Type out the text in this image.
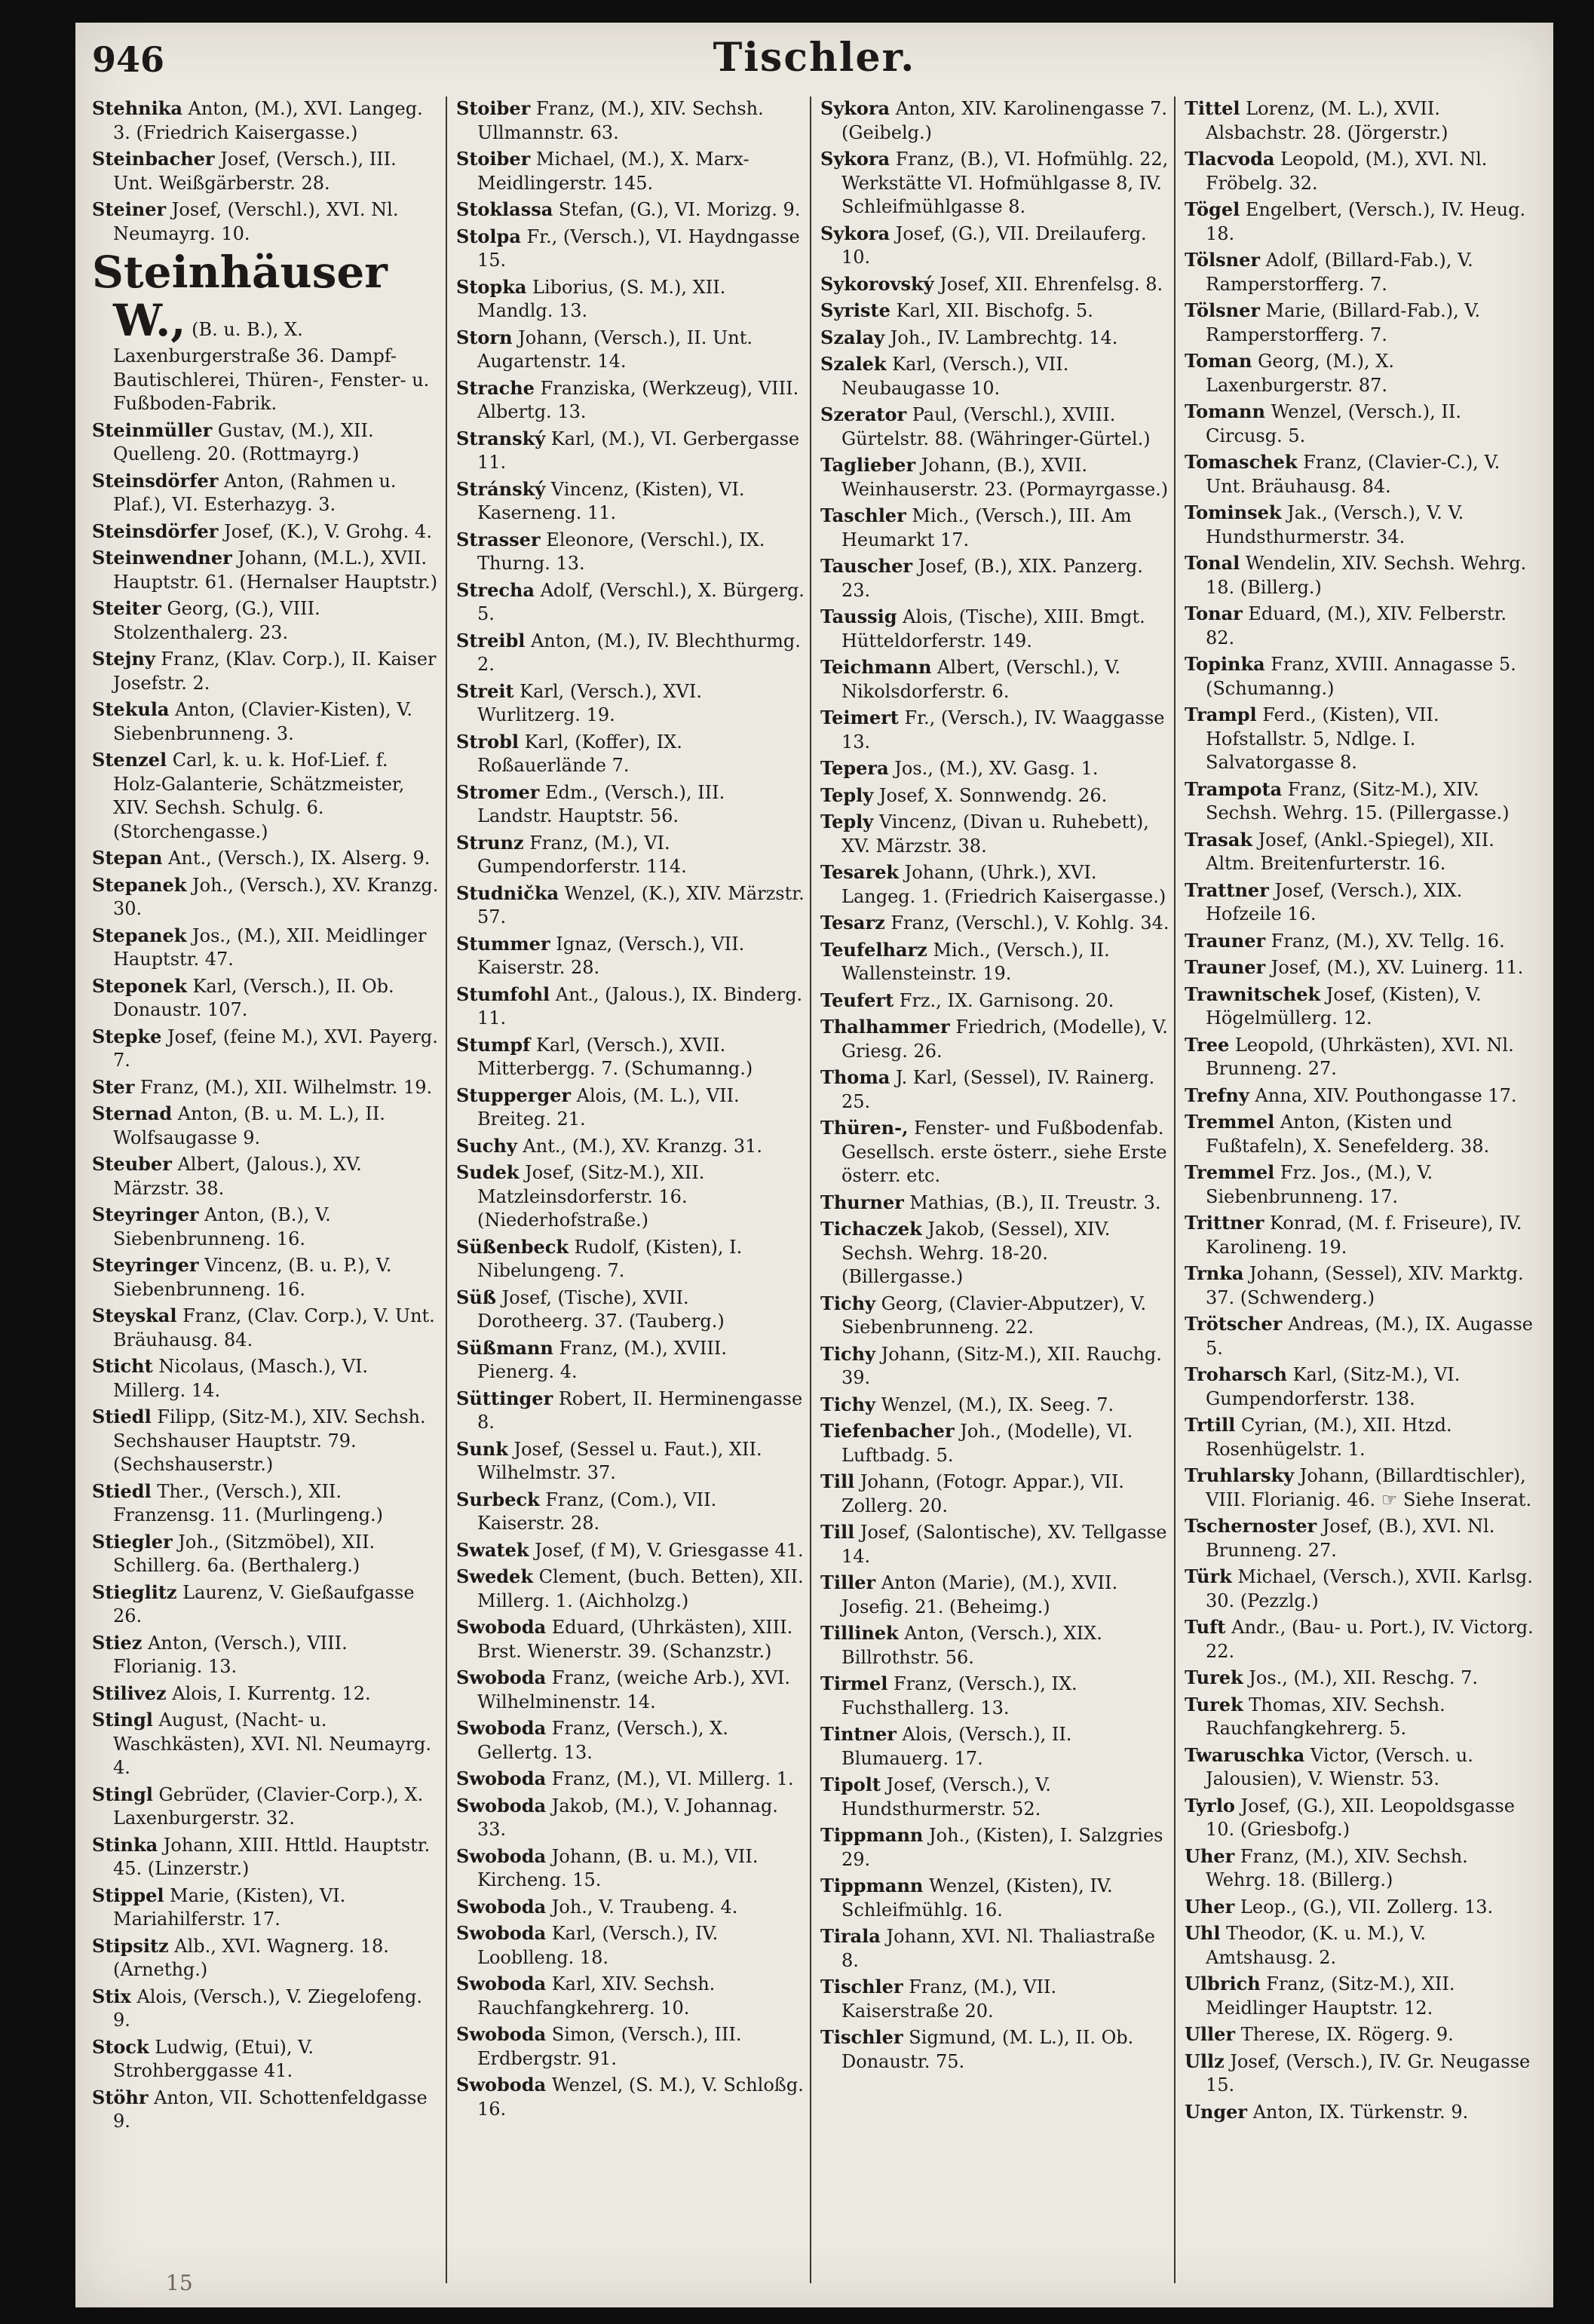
946	Tischler.
Stehnika Anton, (M.), XVI. Langeg. 3. (Friedrich Kaisergasse.)
Steinbacher Josef, (Versch.), III. Unt. Weißgärberstr. 28.
Steiner Josef, (Verschl.), XVI. Nl. Neumayrg. 10.
Steinhäuser W., (B. u. B.), X. Laxenburgerstraße 36. Dampf-Bautischlerei, Thüren-, Fenster- u. Fußboden-Fabrik.
Steinmüller Gustav, (M.), XII. Quelleng. 20. (Rottmayrg.)
Steinsdörfer Anton, (Rahmen u. Plaf.), VI. Esterhazyg. 3.
Steinsdörfer Josef, (K.), V. Grohg. 4.
Steinwendner Johann, (M.L.), XVII. Hauptstr. 61. (Hernalser Hauptstr.)
Steiter Georg, (G.), VIII. Stolzenthalerg. 23.
Stejny Franz, (Klav. Corp.), II. Kaiser Josefstr. 2.
Stekula Anton, (Clavier-Kisten), V. Siebenbrunneng. 3.
Stenzel Carl, k. u. k. Hof-Lief. f. Holz-Galanterie, Schätzmeister, XIV. Sechsh. Schulg. 6. (Storchengasse.)
Stepan Ant., (Versch.), IX. Alserg. 9.
Stepanek Joh., (Versch.), XV. Kranzg. 30.
Stepanek Jos., (M.), XII. Meidlinger Hauptstr. 47.
Steponek Karl, (Versch.), II. Ob. Donaustr. 107.
Stepke Josef, (feine M.), XVI. Payerg. 7.
Ster Franz, (M.), XII. Wilhelmstr. 19.
Sternad Anton, (B. u. M. L.), II. Wolfsaugasse 9.
Steuber Albert, (Jalous.), XV. Märzstr. 38.
Steyringer Anton, (B.), V. Siebenbrunneng. 16.
Steyringer Vincenz, (B. u. P.), V. Siebenbrunneng. 16.
Steyskal Franz, (Clav. Corp.), V. Unt. Bräuhausg. 84.
Sticht Nicolaus, (Masch.), VI. Millerg. 14.
Stiedl Filipp, (Sitz-M.), XIV. Sechsh. Sechshauser Hauptstr. 79. (Sechshauserstr.)
Stiedl Ther., (Versch.), XII. Franzensg. 11. (Murlingeng.)
Stiegler Joh., (Sitzmöbel), XII. Schillerg. 6a. (Berthalerg.)
Stieglitz Laurenz, V. Gießaufgasse 26.
Stiez Anton, (Versch.), VIII. Florianig. 13.
Stilivez Alois, I. Kurrentg. 12.
Stingl August, (Nacht- u. Waschkästen), XVI. Nl. Neumayrg. 4.
Stingl Gebrüder, (Clavier-Corp.), X. Laxenburgerstr. 32.
Stinka Johann, XIII. Httld. Hauptstr. 45. (Linzerstr.)
Stippel Marie, (Kisten), VI. Mariahilferstr. 17.
Stipsitz Alb., XVI. Wagnerg. 18. (Arnethg.)
Stix Alois, (Versch.), V. Ziegelofeng. 9.
Stock Ludwig, (Etui), V. Strohberggasse 41.
Stöhr Anton, VII. Schottenfeldgasse 9.
Stoiber Franz, (M.), XIV. Sechsh. Ullmannstr. 63.
Stoiber Michael, (M.), X. Marx-Meidlingerstr. 145.
Stoklassa Stefan, (G.), VI. Morizg. 9.
Stolpa Fr., (Versch.), VI. Haydngasse 15.
Stopka Liborius, (S. M.), XII. Mandlg. 13.
Storn Johann, (Versch.), II. Unt. Augartenstr. 14.
Strache Franziska, (Werkzeug), VIII. Albertg. 13.
Stranský Karl, (M.), VI. Gerbergasse 11.
Stránský Vincenz, (Kisten), VI. Kaserneng. 11.
Strasser Eleonore, (Verschl.), IX. Thurng. 13.
Strecha Adolf, (Verschl.), X. Bürgerg. 5.
Streibl Anton, (M.), IV. Blechthurmg. 2.
Streit Karl, (Versch.), XVI. Wurlitzerg. 19.
Strobl Karl, (Koffer), IX. Roßauerlände 7.
Stromer Edm., (Versch.), III. Landstr. Hauptstr. 56.
Strunz Franz, (M.), VI. Gumpendorferstr. 114.
Studnička Wenzel, (K.), XIV. Märzstr. 57.
Stummer Ignaz, (Versch.), VII. Kaiserstr. 28.
Stumfohl Ant., (Jalous.), IX. Binderg. 11.
Stumpf Karl, (Versch.), XVII. Mitterbergg. 7. (Schumanng.)
Stupperger Alois, (M. L.), VII. Breiteg. 21.
Suchy Ant., (M.), XV. Kranzg. 31.
Sudek Josef, (Sitz-M.), XII. Matzleinsdorferstr. 16. (Niederhofstraße.)
Süßenbeck Rudolf, (Kisten), I. Nibelungeng. 7.
Süß Josef, (Tische), XVII. Dorotheerg. 37. (Tauberg.)
Süßmann Franz, (M.), XVIII. Pienerg. 4.
Süttinger Robert, II. Herminengasse 8.
Sunk Josef, (Sessel u. Faut.), XII. Wilhelmstr. 37.
Surbeck Franz, (Com.), VII. Kaiserstr. 28.
Swatek Josef, (f M), V. Griesgasse 41.
Swedek Clement, (buch. Betten), XII. Millerg. 1. (Aichholzg.)
Swoboda Eduard, (Uhrkästen), XIII. Brst. Wienerstr. 39. (Schanzstr.)
Swoboda Franz, (weiche Arb.), XVI. Wilhelminenstr. 14.
Swoboda Franz, (Versch.), X. Gellertg. 13.
Swoboda Franz, (M.), VI. Millerg. 1.
Swoboda Jakob, (M.), V. Johannag. 33.
Swoboda Johann, (B. u. M.), VII. Kircheng. 15.
Swoboda Joh., V. Traubeng. 4.
Swoboda Karl, (Versch.), IV. Looblleng. 18.
Swoboda Karl, XIV. Sechsh. Rauchfangkehrerg. 10.
Swoboda Simon, (Versch.), III. Erdbergstr. 91.
Swoboda Wenzel, (S. M.), V. Schloßg. 16.
Sykora Anton, XIV. Karolinengasse 7. (Geibelg.)
Sykora Franz, (B.), VI. Hofmühlg. 22, Werkstätte VI. Hofmühlgasse 8, IV. Schleifmühlgasse 8.
Sykora Josef, (G.), VII. Dreilauferg. 10.
Sykorovský Josef, XII. Ehrenfelsg. 8.
Syriste Karl, XII. Bischofg. 5.
Szalay Joh., IV. Lambrechtg. 14.
Szalek Karl, (Versch.), VII. Neubaugasse 10.
Szerator Paul, (Verschl.), XVIII. Gürtelstr. 88. (Währinger-Gürtel.)
Taglieber Johann, (B.), XVII. Weinhauserstr. 23. (Pormayrgasse.)
Taschler Mich., (Versch.), III. Am Heumarkt 17.
Tauscher Josef, (B.), XIX. Panzerg. 23.
Taussig Alois, (Tische), XIII. Bmgt. Hütteldorferstr. 149.
Teichmann Albert, (Verschl.), V. Nikolsdorferstr. 6.
Teimert Fr., (Versch.), IV. Waaggasse 13.
Tepera Jos., (M.), XV. Gasg. 1.
Teply Josef, X. Sonnwendg. 26.
Teply Vincenz, (Divan u. Ruhebett), XV. Märzstr. 38.
Tesarek Johann, (Uhrk.), XVI. Langeg. 1. (Friedrich Kaisergasse.)
Tesarz Franz, (Verschl.), V. Kohlg. 34.
Teufelharz Mich., (Versch.), II. Wallensteinstr. 19.
Teufert Frz., IX. Garnisong. 20.
Thalhammer Friedrich, (Modelle), V. Griesg. 26.
Thoma J. Karl, (Sessel), IV. Rainerg. 25.
Thüren-, Fenster- und Fußbodenfab. Gesellsch. erste österr., siehe Erste österr. etc.
Thurner Mathias, (B.), II. Treustr. 3.
Tichaczek Jakob, (Sessel), XIV. Sechsh. Wehrg. 18-20. (Billergasse.)
Tichy Georg, (Clavier-Abputzer), V. Siebenbrunneng. 22.
Tichy Johann, (Sitz-M.), XII. Rauchg. 39.
Tichy Wenzel, (M.), IX. Seeg. 7.
Tiefenbacher Joh., (Modelle), VI. Luftbadg. 5.
Till Johann, (Fotogr. Appar.), VII. Zollerg. 20.
Till Josef, (Salontische), XV. Tellgasse 14.
Tiller Anton (Marie), (M.), XVII. Josefig. 21. (Beheimg.)
Tillinek Anton, (Versch.), XIX. Billrothstr. 56.
Tirmel Franz, (Versch.), IX. Fuchsthallerg. 13.
Tintner Alois, (Versch.), II. Blumauerg. 17.
Tipolt Josef, (Versch.), V. Hundsthurmerstr. 52.
Tippmann Joh., (Kisten), I. Salzgries 29.
Tippmann Wenzel, (Kisten), IV. Schleifmühlg. 16.
Tirala Johann, XVI. Nl. Thaliastraße 8.
Tischler Franz, (M.), VII. Kaiserstraße 20.
Tischler Sigmund, (M. L.), II. Ob. Donaustr. 75.
Tittel Lorenz, (M. L.), XVII. Alsbachstr. 28. (Jörgerstr.)
Tlacvoda Leopold, (M.), XVI. Nl. Fröbelg. 32.
Tögel Engelbert, (Versch.), IV. Heug. 18.
Tölsner Adolf, (Billard-Fab.), V. Ramperstorfferg. 7.
Tölsner Marie, (Billard-Fab.), V. Ramperstorfferg. 7.
Toman Georg, (M.), X. Laxenburgerstr. 87.
Tomann Wenzel, (Versch.), II. Circusg. 5.
Tomaschek Franz, (Clavier-C.), V. Unt. Bräuhausg. 84.
Tominsek Jak., (Versch.), V. V. Hundsthurmerstr. 34.
Tonal Wendelin, XIV. Sechsh. Wehrg. 18. (Billerg.)
Tonar Eduard, (M.), XIV. Felberstr. 82.
Topinka Franz, XVIII. Annagasse 5. (Schumanng.)
Trampl Ferd., (Kisten), VII. Hofstallstr. 5, Ndlge. I. Salvatorgasse 8.
Trampota Franz, (Sitz-M.), XIV. Sechsh. Wehrg. 15. (Pillergasse.)
Trasak Josef, (Ankl.-Spiegel), XII. Altm. Breitenfurterstr. 16.
Trattner Josef, (Versch.), XIX. Hofzeile 16.
Trauner Franz, (M.), XV. Tellg. 16.
Trauner Josef, (M.), XV. Luinerg. 11.
Trawnitschek Josef, (Kisten), V. Högelmüllerg. 12.
Tree Leopold, (Uhrkästen), XVI. Nl. Brunneng. 27.
Trefny Anna, XIV. Pouthongasse 17.
Tremmel Anton, (Kisten und Fußtafeln), X. Senefelderg. 38.
Tremmel Frz. Jos., (M.), V. Siebenbrunneng. 17.
Trittner Konrad, (M. f. Friseure), IV. Karolineng. 19.
Trnka Johann, (Sessel), XIV. Marktg. 37. (Schwenderg.)
Trötscher Andreas, (M.), IX. Augasse 5.
Troharsch Karl, (Sitz-M.), VI. Gumpendorferstr. 138.
Trtill Cyrian, (M.), XII. Htzd. Rosenhügelstr. 1.
Truhlarsky Johann, (Billardtischler), VIII. Florianig. 46. ☞ Siehe Inserat.
Tschernoster Josef, (B.), XVI. Nl. Brunneng. 27.
Türk Michael, (Versch.), XVII. Karlsg. 30. (Pezzlg.)
Tuft Andr., (Bau- u. Port.), IV. Victorg. 22.
Turek Jos., (M.), XII. Reschg. 7.
Turek Thomas, XIV. Sechsh. Rauchfangkehrerg. 5.
Twaruschka Victor, (Versch. u. Jalousien), V. Wienstr. 53.
Tyrlo Josef, (G.), XII. Leopoldsgasse 10. (Griesbofg.)
Uher Franz, (M.), XIV. Sechsh. Wehrg. 18. (Billerg.)
Uher Leop., (G.), VII. Zollerg. 13.
Uhl Theodor, (K. u. M.), V. Amtshausg. 2.
Ulbrich Franz, (Sitz-M.), XII. Meidlinger Hauptstr. 12.
Uller Therese, IX. Rögerg. 9.
Ullz Josef, (Versch.), IV. Gr. Neugasse 15.
Unger Anton, IX. Türkenstr. 9.
15
